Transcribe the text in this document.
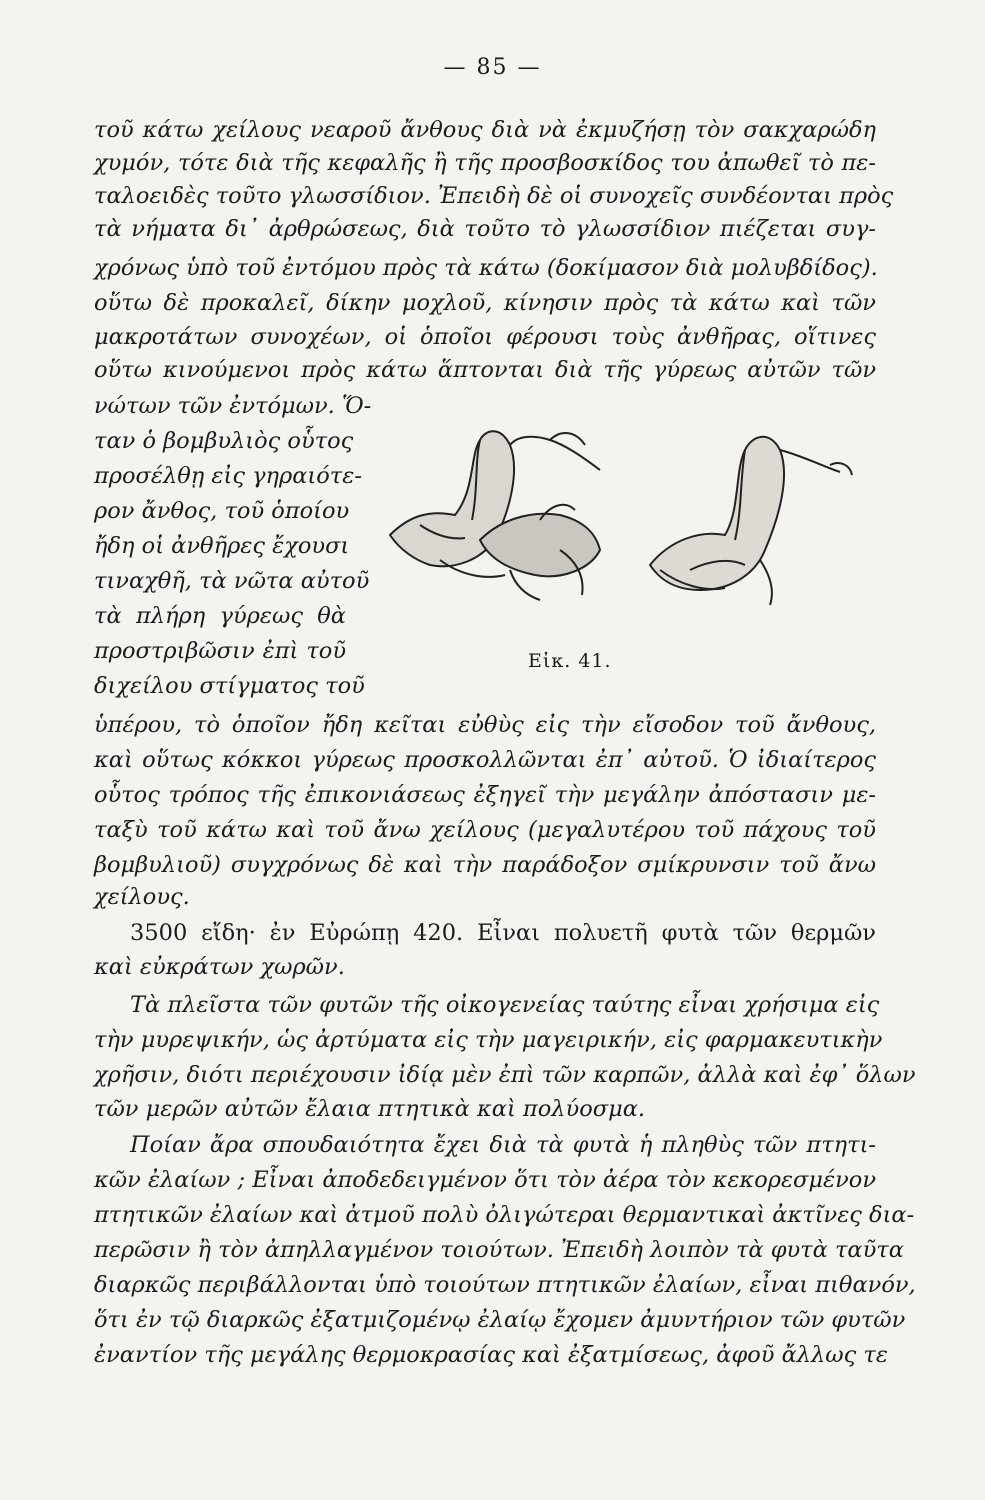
— 85 —
τοῦ κάτω χείλους νεαροῦ ἄνθους διὰ νὰ ἐκμυζήσῃ τὸν σακχαρώδη
χυμόν, τότε διὰ τῆς κεφαλῆς ἢ τῆς προσβοσκίδος του ἀπωθεῖ τὸ πε-
ταλοειδὲς τοῦτο γλωσσίδιον. Ἐπειδὴ δὲ οἱ συνοχεῖς συνδέονται πρὸς
τὰ νήματα δι᾽ ἀρθρώσεως, διὰ τοῦτο τὸ γλωσσίδιον πιέζεται συγ-
χρόνως ὑπὸ τοῦ ἐντόμου πρὸς τὰ κάτω (δοκίμασον διὰ μολυβδίδος).
οὕτω δὲ προκαλεῖ, δίκην μοχλοῦ, κίνησιν πρὸς τὰ κάτω καὶ τῶν
μακροτάτων συνοχέων, οἱ ὁποῖοι φέρουσι τοὺς ἀνθῆρας, οἵτινες
οὕτω κινούμενοι πρὸς κάτω ἅπτονται διὰ τῆς γύρεως αὐτῶν τῶν
νώτων τῶν ἐντόμων. Ὅ-
ταν ὁ βομβυλιὸς οὗτος
προσέλθῃ εἰς γηραιότε-
ρον ἄνθος, τοῦ ὁποίου
ἤδη οἱ ἀνθῆρες ἔχουσι
τιναχθῆ, τὰ νῶτα αὐτοῦ
τὰ πλήρη γύρεως θὰ
προστριβῶσιν ἐπὶ τοῦ
διχείλου στίγματος τοῦ
Εἰκ. 41.
ὑπέρου, τὸ ὁποῖον ἤδη κεῖται εὐθὺς εἰς τὴν εἴσοδον τοῦ ἄνθους,
καὶ οὕτως κόκκοι γύρεως προσκολλῶνται ἐπ᾽ αὐτοῦ. Ὁ ἰδιαίτερος
οὗτος τρόπος τῆς ἐπικονιάσεως ἐξηγεῖ τὴν μεγάλην ἀπόστασιν με-
ταξὺ τοῦ κάτω καὶ τοῦ ἄνω χείλους (μεγαλυτέρου τοῦ πάχους τοῦ
βομβυλιοῦ) συγχρόνως δὲ καὶ τὴν παράδοξον σμίκρυνσιν τοῦ ἄνω
χείλους.
3500 εἴδη· ἐν Εὐρώπῃ 420. Εἶναι πολυετῆ φυτὰ τῶν θερμῶν
καὶ εὐκράτων χωρῶν.
Τὰ πλεῖστα τῶν φυτῶν τῆς οἰκογενείας ταύτης εἶναι χρήσιμα εἰς
τὴν μυρεψικήν, ὡς ἀρτύματα εἰς τὴν μαγειρικήν, εἰς φαρμακευτικὴν
χρῆσιν, διότι περιέχουσιν ἰδίᾳ μὲν ἐπὶ τῶν καρπῶν, ἀλλὰ καὶ ἐφ᾽ ὅλων
τῶν μερῶν αὐτῶν ἔλαια πτητικὰ καὶ πολύοσμα.
Ποίαν ἄρα σπουδαιότητα ἔχει διὰ τὰ φυτὰ ἡ πληθὺς τῶν πτητι-
κῶν ἐλαίων ; Εἶναι ἀποδεδειγμένον ὅτι τὸν ἀέρα τὸν κεκορεσμένον
πτητικῶν ἐλαίων καὶ ἀτμοῦ πολὺ ὀλιγώτεραι θερμαντικαὶ ἀκτῖνες δια-
περῶσιν ἢ τὸν ἀπηλλαγμένον τοιούτων. Ἐπειδὴ λοιπὸν τὰ φυτὰ ταῦτα
διαρκῶς περιβάλλονται ὑπὸ τοιούτων πτητικῶν ἐλαίων, εἶναι πιθανόν,
ὅτι ἐν τῷ διαρκῶς ἐξατμιζομένῳ ἐλαίῳ ἔχομεν ἀμυντήριον τῶν φυτῶν
ἐναντίον τῆς μεγάλης θερμοκρασίας καὶ ἐξατμίσεως, ἀφοῦ ἄλλως τε
